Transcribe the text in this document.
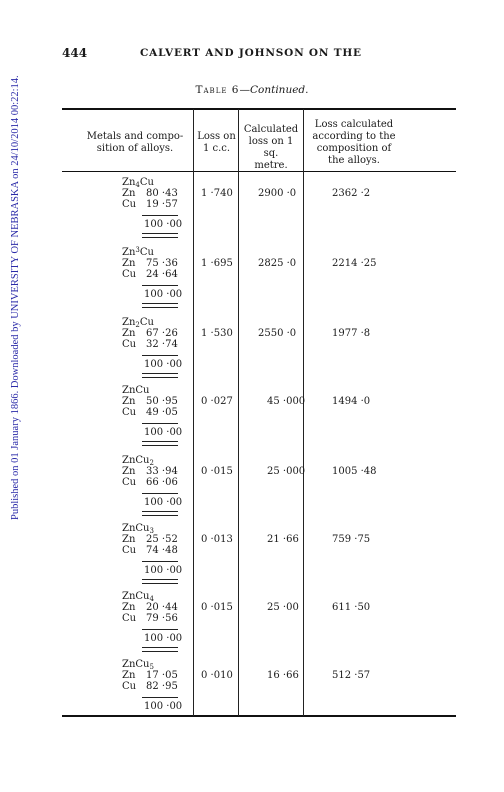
Published on 01 January 1866. Downloaded by UNIVERSITY OF NEBRASKA on 24/10/2014 00:22:14.
444	CALVERT AND JOHNSON ON THE
Table 6—Continued.
Metals and compo-
sition of alloys.
Loss on
1 c.c.
Calculated
loss on 1 sq.
metre.
Loss calculated
according to the
composition of
the alloys.
$Zn_4Cu$
Zn 80 ·43
Cu 19 ·57
100 ·00
1 ·740	2900 ·0	2362 ·2
Zn$^3$Cu
Zn 75 ·36
Cu 24 ·64
100 ·00
1 ·695	2825 ·0	2214 ·25
$Zn_2Cu$
Zn 67 ·26
Cu 32 ·74
100 ·00
1 ·530	2550 ·0	1977 ·8
ZnCu
Zn 50 ·95
Cu 49 ·05
100 ·00
0 ·027	45 ·000	1494 ·0
ZnCu$_2$
Zn 33 ·94
Cu 66 ·06
100 ·00
0 ·015	25 ·000	1005 ·48
ZnCu$_3$
Zn 25 ·52
Cu 74 ·48
100 ·00
0 ·013	21 ·66	759 ·75
ZnCu$_4$
Zn 20 ·44
Cu 79 ·56
100 ·00
0 ·015	25 ·00	611 ·50
ZnCu$_5$
Zn 17 ·05
Cu 82 ·95
100 ·00
0 ·010	16 ·66	512 ·57
